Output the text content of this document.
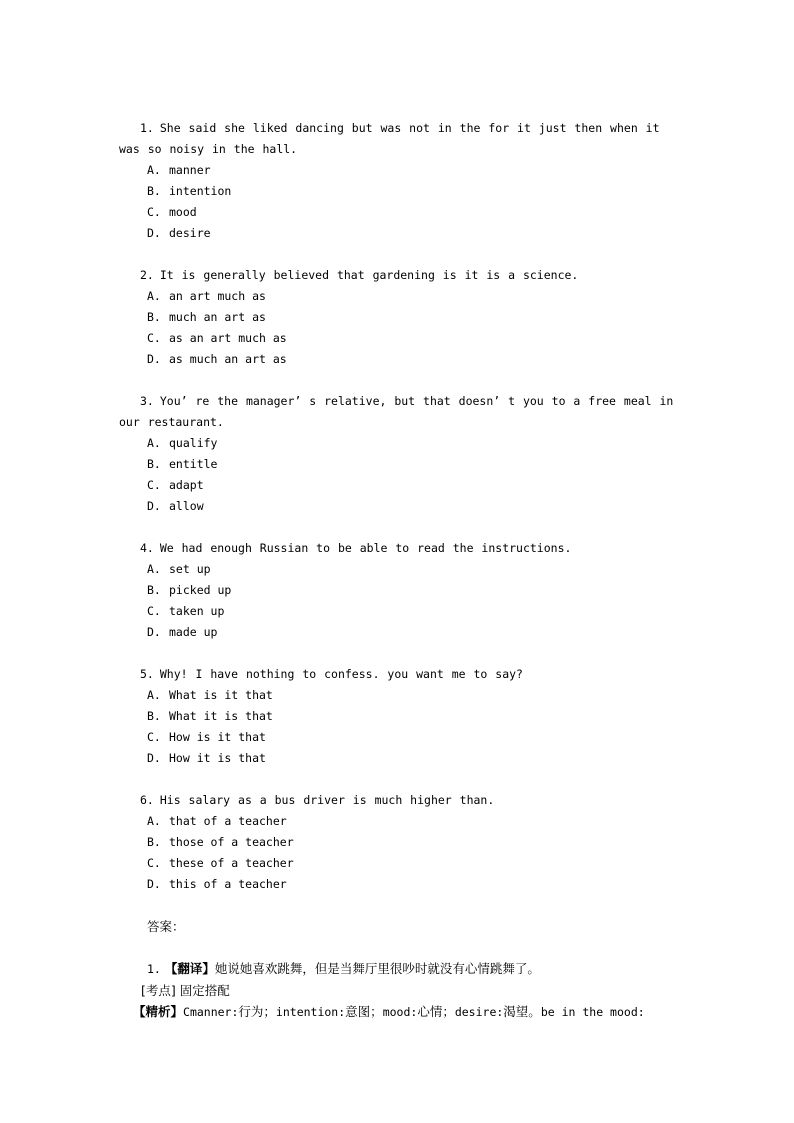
1. She said she liked dancing but was not in the for it just then when it was so noisy in the hall.
A. manner
B. intention
C. mood
D. desire
2. It is generally believed that gardening is it is a science.
A. an art much as
B. much an art as
C. as an art much as
D. as much an art as
3. You’ re the manager’ s relative, but that doesn’ t you to a free meal in our restaurant.
A. qualify
B. entitle
C. adapt
D. allow
4. We had enough Russian to be able to read the instructions.
A. set up
B. picked up
C. taken up
D. made up
5. Why! I have nothing to confess. you want me to say?
A. What is it that
B. What it is that
C. How is it that
D. How it is that
6. His salary as a bus driver is much higher than.
A. that of a teacher
B. those of a teacher
C. these of a teacher
D. this of a teacher
答案：
1. 【翻译】她说她喜欢跳舞，但是当舞厅里很吵时就没有心情跳舞了。
[考点] 固定搭配
【精析】Cmanner:行为；intention:意图；mood:心情；desire:渴望。be in the mood:
